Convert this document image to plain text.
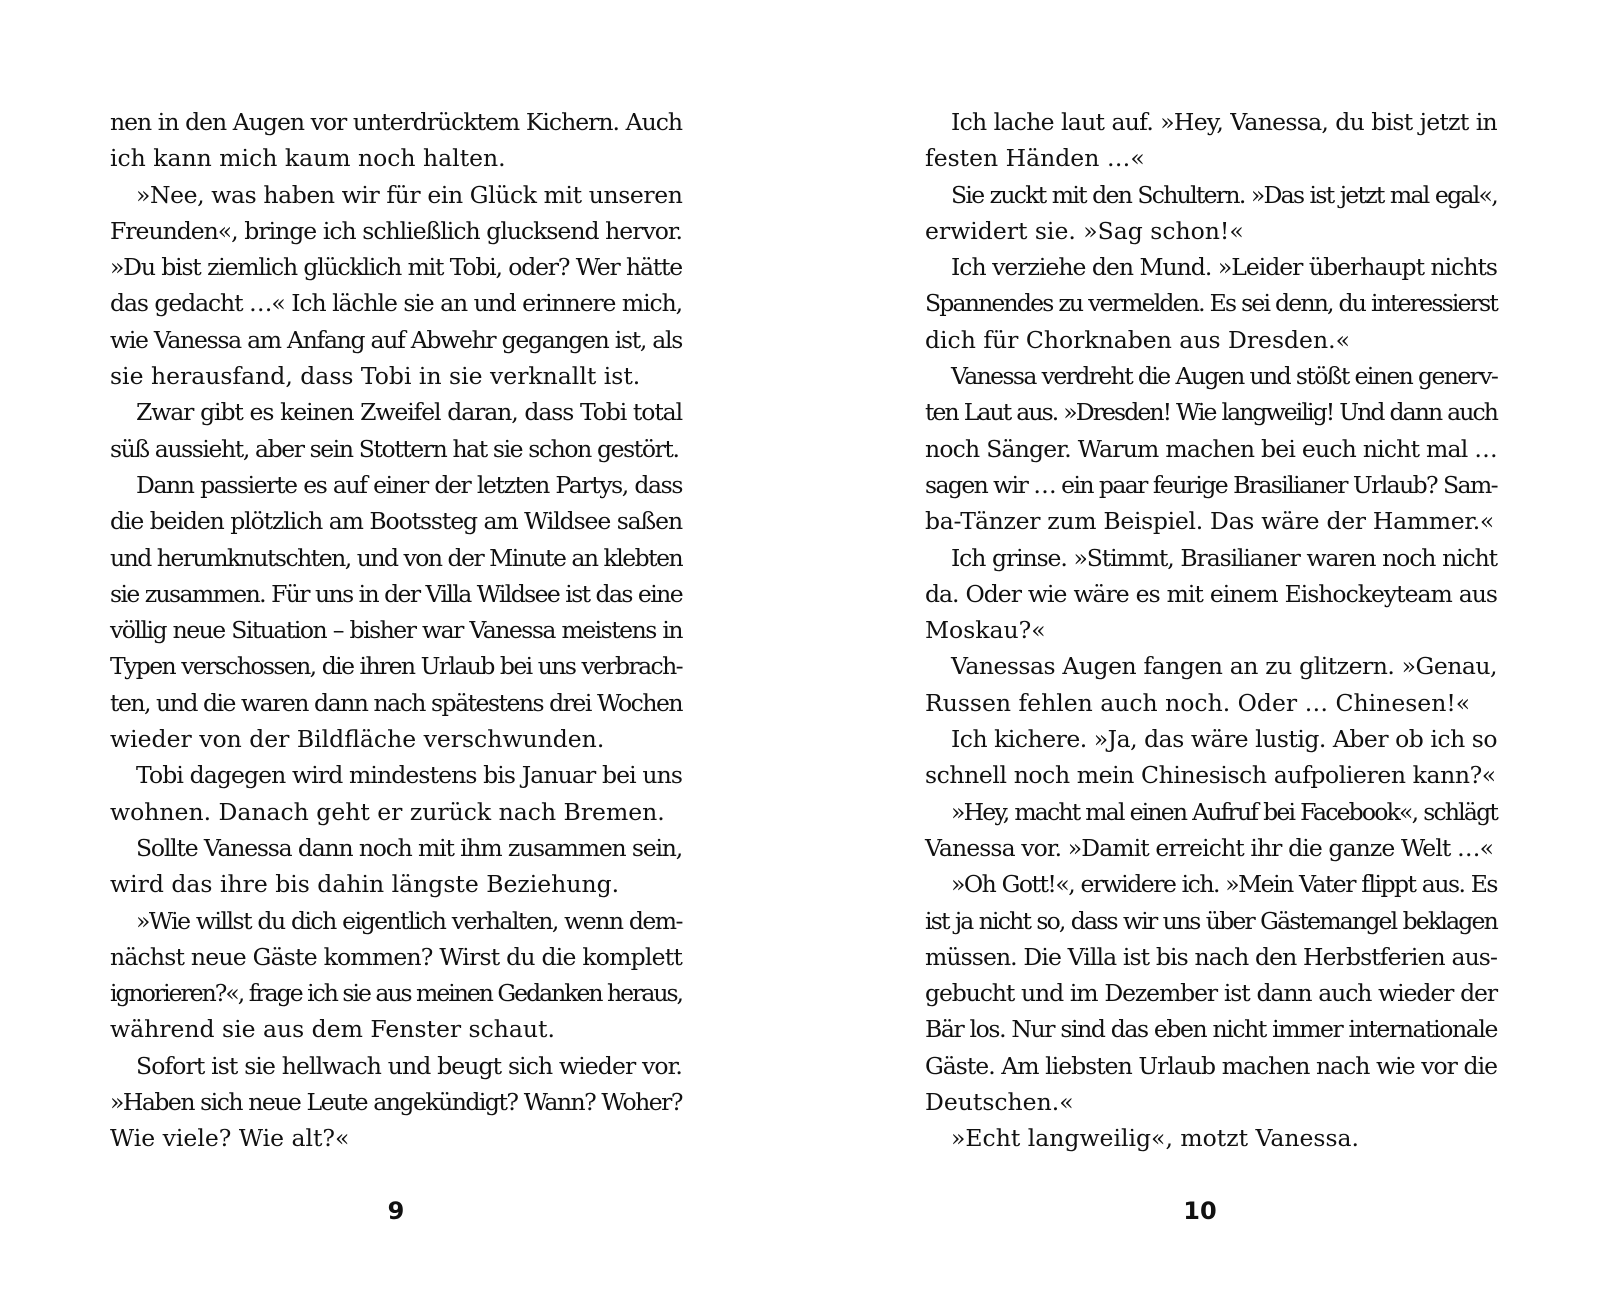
nen in den Augen vor unterdrücktem Kichern. Auch
ich kann mich kaum noch halten.
»Nee, was haben wir für ein Glück mit unseren
Freunden«, bringe ich schließlich glucksend hervor.
»Du bist ziemlich glücklich mit Tobi, oder? Wer hätte
das gedacht …« Ich lächle sie an und erinnere mich,
wie Vanessa am Anfang auf Abwehr gegangen ist, als
sie herausfand, dass Tobi in sie verknallt ist.
Zwar gibt es keinen Zweifel daran, dass Tobi total
süß aussieht, aber sein Stottern hat sie schon gestört.
Dann passierte es auf einer der letzten Partys, dass
die beiden plötzlich am Bootssteg am Wildsee saßen
und herumknutschten, und von der Minute an klebten
sie zusammen. Für uns in der Villa Wildsee ist das eine
völlig neue Situation – bisher war Vanessa meistens in
Typen verschossen, die ihren Urlaub bei uns verbrach-
ten, und die waren dann nach spätestens drei Wochen
wieder von der Bildfläche verschwunden.
Tobi dagegen wird mindestens bis Januar bei uns
wohnen. Danach geht er zurück nach Bremen.
Sollte Vanessa dann noch mit ihm zusammen sein,
wird das ihre bis dahin längste Beziehung.
»Wie willst du dich eigentlich verhalten, wenn dem-
nächst neue Gäste kommen? Wirst du die komplett
ignorieren?«, frage ich sie aus meinen Gedanken heraus,
während sie aus dem Fenster schaut.
Sofort ist sie hellwach und beugt sich wieder vor.
»Haben sich neue Leute angekündigt? Wann? Woher?
Wie viele? Wie alt?«
9
Ich lache laut auf. »Hey, Vanessa, du bist jetzt in
festen Händen …«
Sie zuckt mit den Schultern. »Das ist jetzt mal egal«,
erwidert sie. »Sag schon!«
Ich verziehe den Mund. »Leider überhaupt nichts
Spannendes zu vermelden. Es sei denn, du interessierst
dich für Chorknaben aus Dresden.«
Vanessa verdreht die Augen und stößt einen generv-
ten Laut aus. »Dresden! Wie langweilig! Und dann auch
noch Sänger. Warum machen bei euch nicht mal …
sagen wir … ein paar feurige Brasilianer Urlaub? Sam-
ba-Tänzer zum Beispiel. Das wäre der Hammer.«
Ich grinse. »Stimmt, Brasilianer waren noch nicht
da. Oder wie wäre es mit einem Eishockeyteam aus
Moskau?«
Vanessas Augen fangen an zu glitzern. »Genau,
Russen fehlen auch noch. Oder … Chinesen!«
Ich kichere. »Ja, das wäre lustig. Aber ob ich so
schnell noch mein Chinesisch aufpolieren kann?«
»Hey, macht mal einen Aufruf bei Facebook«, schlägt
Vanessa vor. »Damit erreicht ihr die ganze Welt …«
»Oh Gott!«, erwidere ich. »Mein Vater flippt aus. Es
ist ja nicht so, dass wir uns über Gästemangel beklagen
müssen. Die Villa ist bis nach den Herbstferien aus-
gebucht und im Dezember ist dann auch wieder der
Bär los. Nur sind das eben nicht immer internationale
Gäste. Am liebsten Urlaub machen nach wie vor die
Deutschen.«
»Echt langweilig«, motzt Vanessa.
10
